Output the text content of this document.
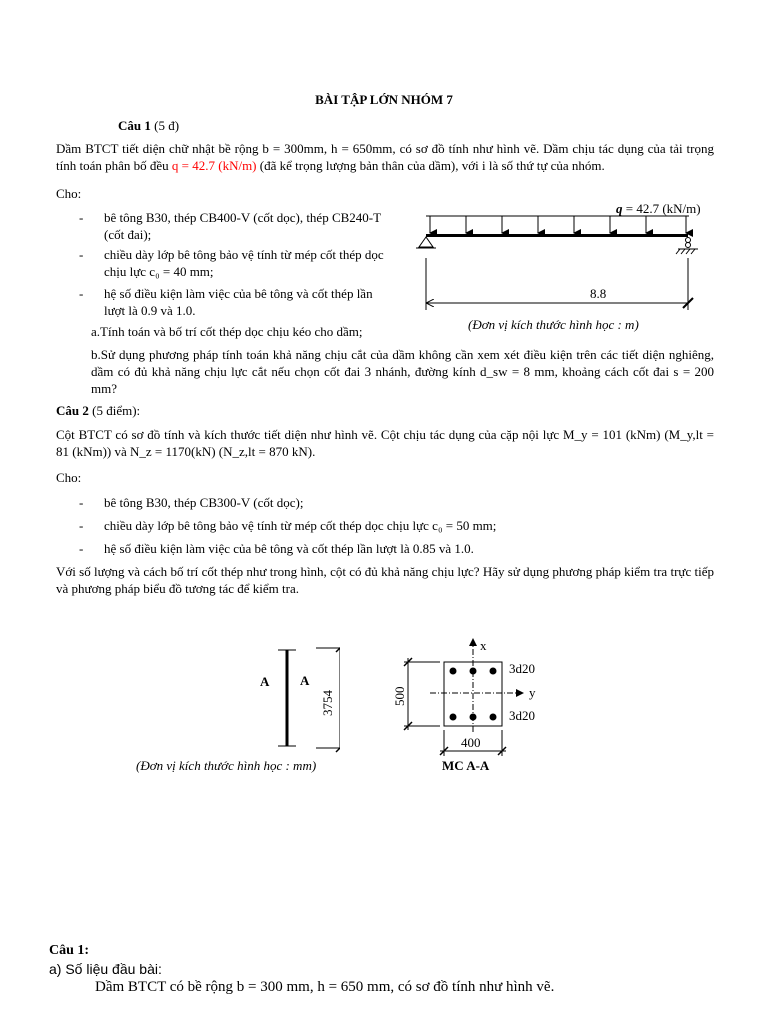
BÀI TẬP LỚN NHÓM 7
Câu 1 (5 đ)
Dầm BTCT tiết diện chữ nhật bề rộng b = 300mm, h = 650mm, có sơ đồ tính như hình vẽ. Dầm chịu tác dụng của tải trọng tính toán phân bố đều q = 42.7 (kN/m) (đã kể trọng lượng bản thân của dầm), với i là số thứ tự của nhóm.
Cho:
- bê tông B30, thép CB400-V (cốt dọc), thép CB240-T (cốt đai);
- chiều dày lớp bê tông bảo vệ tính từ mép cốt thép dọc chịu lực c₀ = 40 mm;
- hệ số điều kiện làm việc của bê tông và cốt thép lần lượt là 0.9 và 1.0.
a.Tính toán và bố trí cốt thép dọc chịu kéo cho dầm;
b.Sử dụng phương pháp tính toán khả năng chịu cắt của dầm không cần xem xét điều kiện trên các tiết diện nghiêng, dầm có đủ khả năng chịu lực cắt nếu chọn cốt đai 3 nhánh, đường kính d_sw = 8 mm, khoảng cách cốt đai s = 200 mm?
q = 42.7 (kN/m)
8.8
(Đơn vị kích thước hình học : m)
Câu 2 (5 điểm):
Cột BTCT có sơ đồ tính và kích thước tiết diện như hình vẽ. Cột chịu tác dụng của cặp nội lực M_y = 101 (kNm) (M_y,lt = 81 (kNm)) và N_z = 1170(kN) (N_z,lt = 870 kN).
Cho:
- bê tông B30, thép CB300-V (cốt dọc);
- chiều dày lớp bê tông bảo vệ tính từ mép cốt thép dọc chịu lực c₀ = 50 mm;
- hệ số điều kiện làm việc của bê tông và cốt thép lần lượt là 0.85 và 1.0.
Với số lượng và cách bố trí cốt thép như trong hình, cột có đủ khả năng chịu lực? Hãy sử dụng phương pháp kiểm tra trực tiếp và phương pháp biểu đồ tương tác để kiểm tra.
A A
3754
(Đơn vị kích thước hình học : mm)
x
y
3d20
3d20
500
400
MC A-A
Câu 1:
a) Số liệu đầu bài:
Dầm BTCT có bề rộng b = 300 mm, h = 650 mm, có sơ đồ tính như hình vẽ.
